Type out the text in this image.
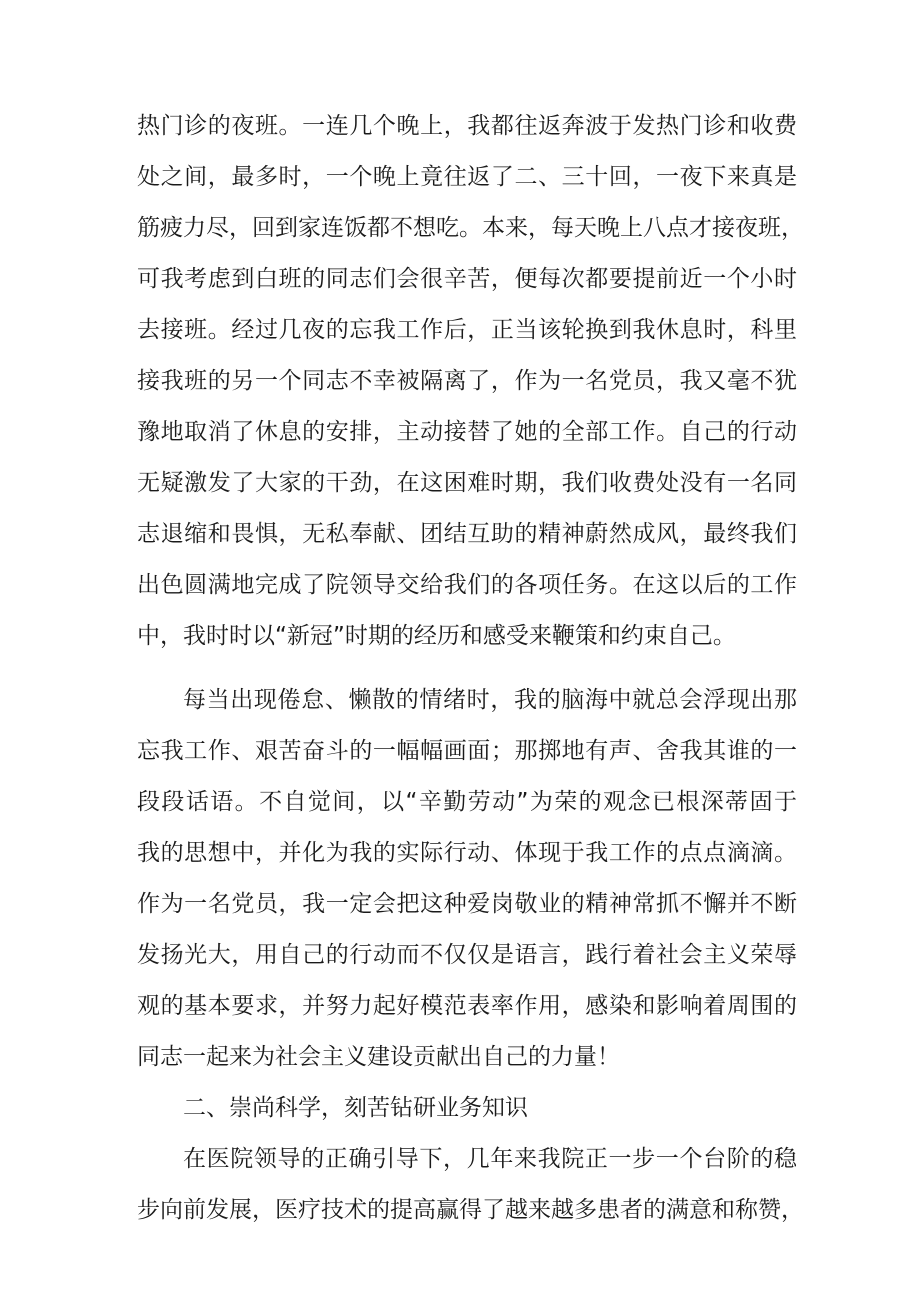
热门诊的夜班。一连几个晚上，我都往返奔波于发热门诊和收费
处之间，最多时，一个晚上竟往返了二、三十回，一夜下来真是
筋疲力尽，回到家连饭都不想吃。本来，每天晚上八点才接夜班，
可我考虑到白班的同志们会很辛苦，便每次都要提前近一个小时
去接班。经过几夜的忘我工作后，正当该轮换到我休息时，科里
接我班的另一个同志不幸被隔离了，作为一名党员，我又毫不犹
豫地取消了休息的安排，主动接替了她的全部工作。自己的行动
无疑激发了大家的干劲，在这困难时期，我们收费处没有一名同
志退缩和畏惧，无私奉献、团结互助的精神蔚然成风，最终我们
出色圆满地完成了院领导交给我们的各项任务。在这以后的工作
中，我时时以“新冠”时期的经历和感受来鞭策和约束自己。
每当出现倦怠、懒散的情绪时，我的脑海中就总会浮现出那
忘我工作、艰苦奋斗的一幅幅画面；那掷地有声、舍我其谁的一
段段话语。不自觉间，以“辛勤劳动”为荣的观念已根深蒂固于
我的思想中，并化为我的实际行动、体现于我工作的点点滴滴。
作为一名党员，我一定会把这种爱岗敬业的精神常抓不懈并不断
发扬光大，用自己的行动而不仅仅是语言，践行着社会主义荣辱
观的基本要求，并努力起好模范表率作用，感染和影响着周围的
同志一起来为社会主义建设贡献出自己的力量！
二、崇尚科学，刻苦钻研业务知识
在医院领导的正确引导下，几年来我院正一步一个台阶的稳
步向前发展，医疗技术的提高赢得了越来越多患者的满意和称赞，
